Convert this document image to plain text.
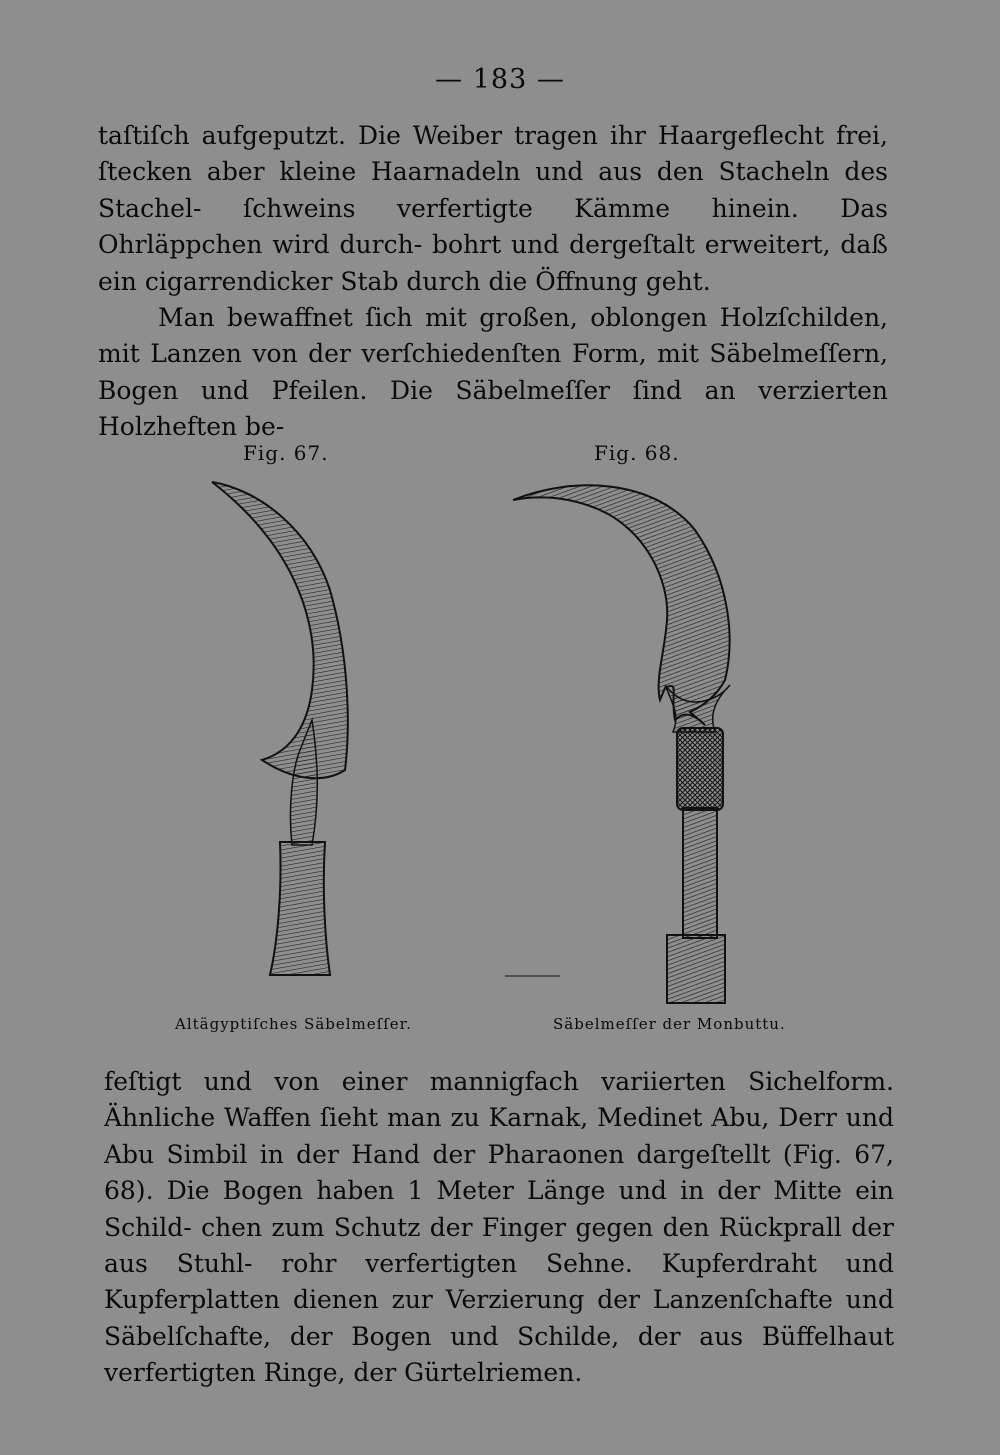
— 183 —

taſtiſch aufgeputzt. Die Weiber tragen ihr Haargeflecht frei, ſtecken aber kleine Haarnadeln und aus den Stacheln des Stachel- ſchweins verfertigte Kämme hinein. Das Ohrläppchen wird durch- bohrt und dergeſtalt erweitert, daß ein cigarrendicker Stab durch die Öffnung geht.

Man bewaffnet ſich mit großen, oblongen Holzſchilden, mit Lanzen von der verſchiedenſten Form, mit Säbelmeſſern, Bogen und Pfeilen. Die Säbelmeſſer ſind an verzierten Holzheften be-

Fig. 67.	Fig. 68.
Altägyptiſches Säbelmeſſer.	Säbelmeſſer der Monbuttu.

feſtigt und von einer mannigfach variierten Sichelform. Ähnliche Waffen ſieht man zu Karnak, Medinet Abu, Derr und Abu Simbil in der Hand der Pharaonen dargeſtellt (Fig. 67, 68). Die Bogen haben 1 Meter Länge und in der Mitte ein Schild- chen zum Schutz der Finger gegen den Rückprall der aus Stuhl- rohr verfertigten Sehne. Kupferdraht und Kupferplatten dienen zur Verzierung der Lanzenſchafte und Säbelſchafte, der Bogen und Schilde, der aus Büffelhaut verfertigten Ringe, der Gürtelriemen.
